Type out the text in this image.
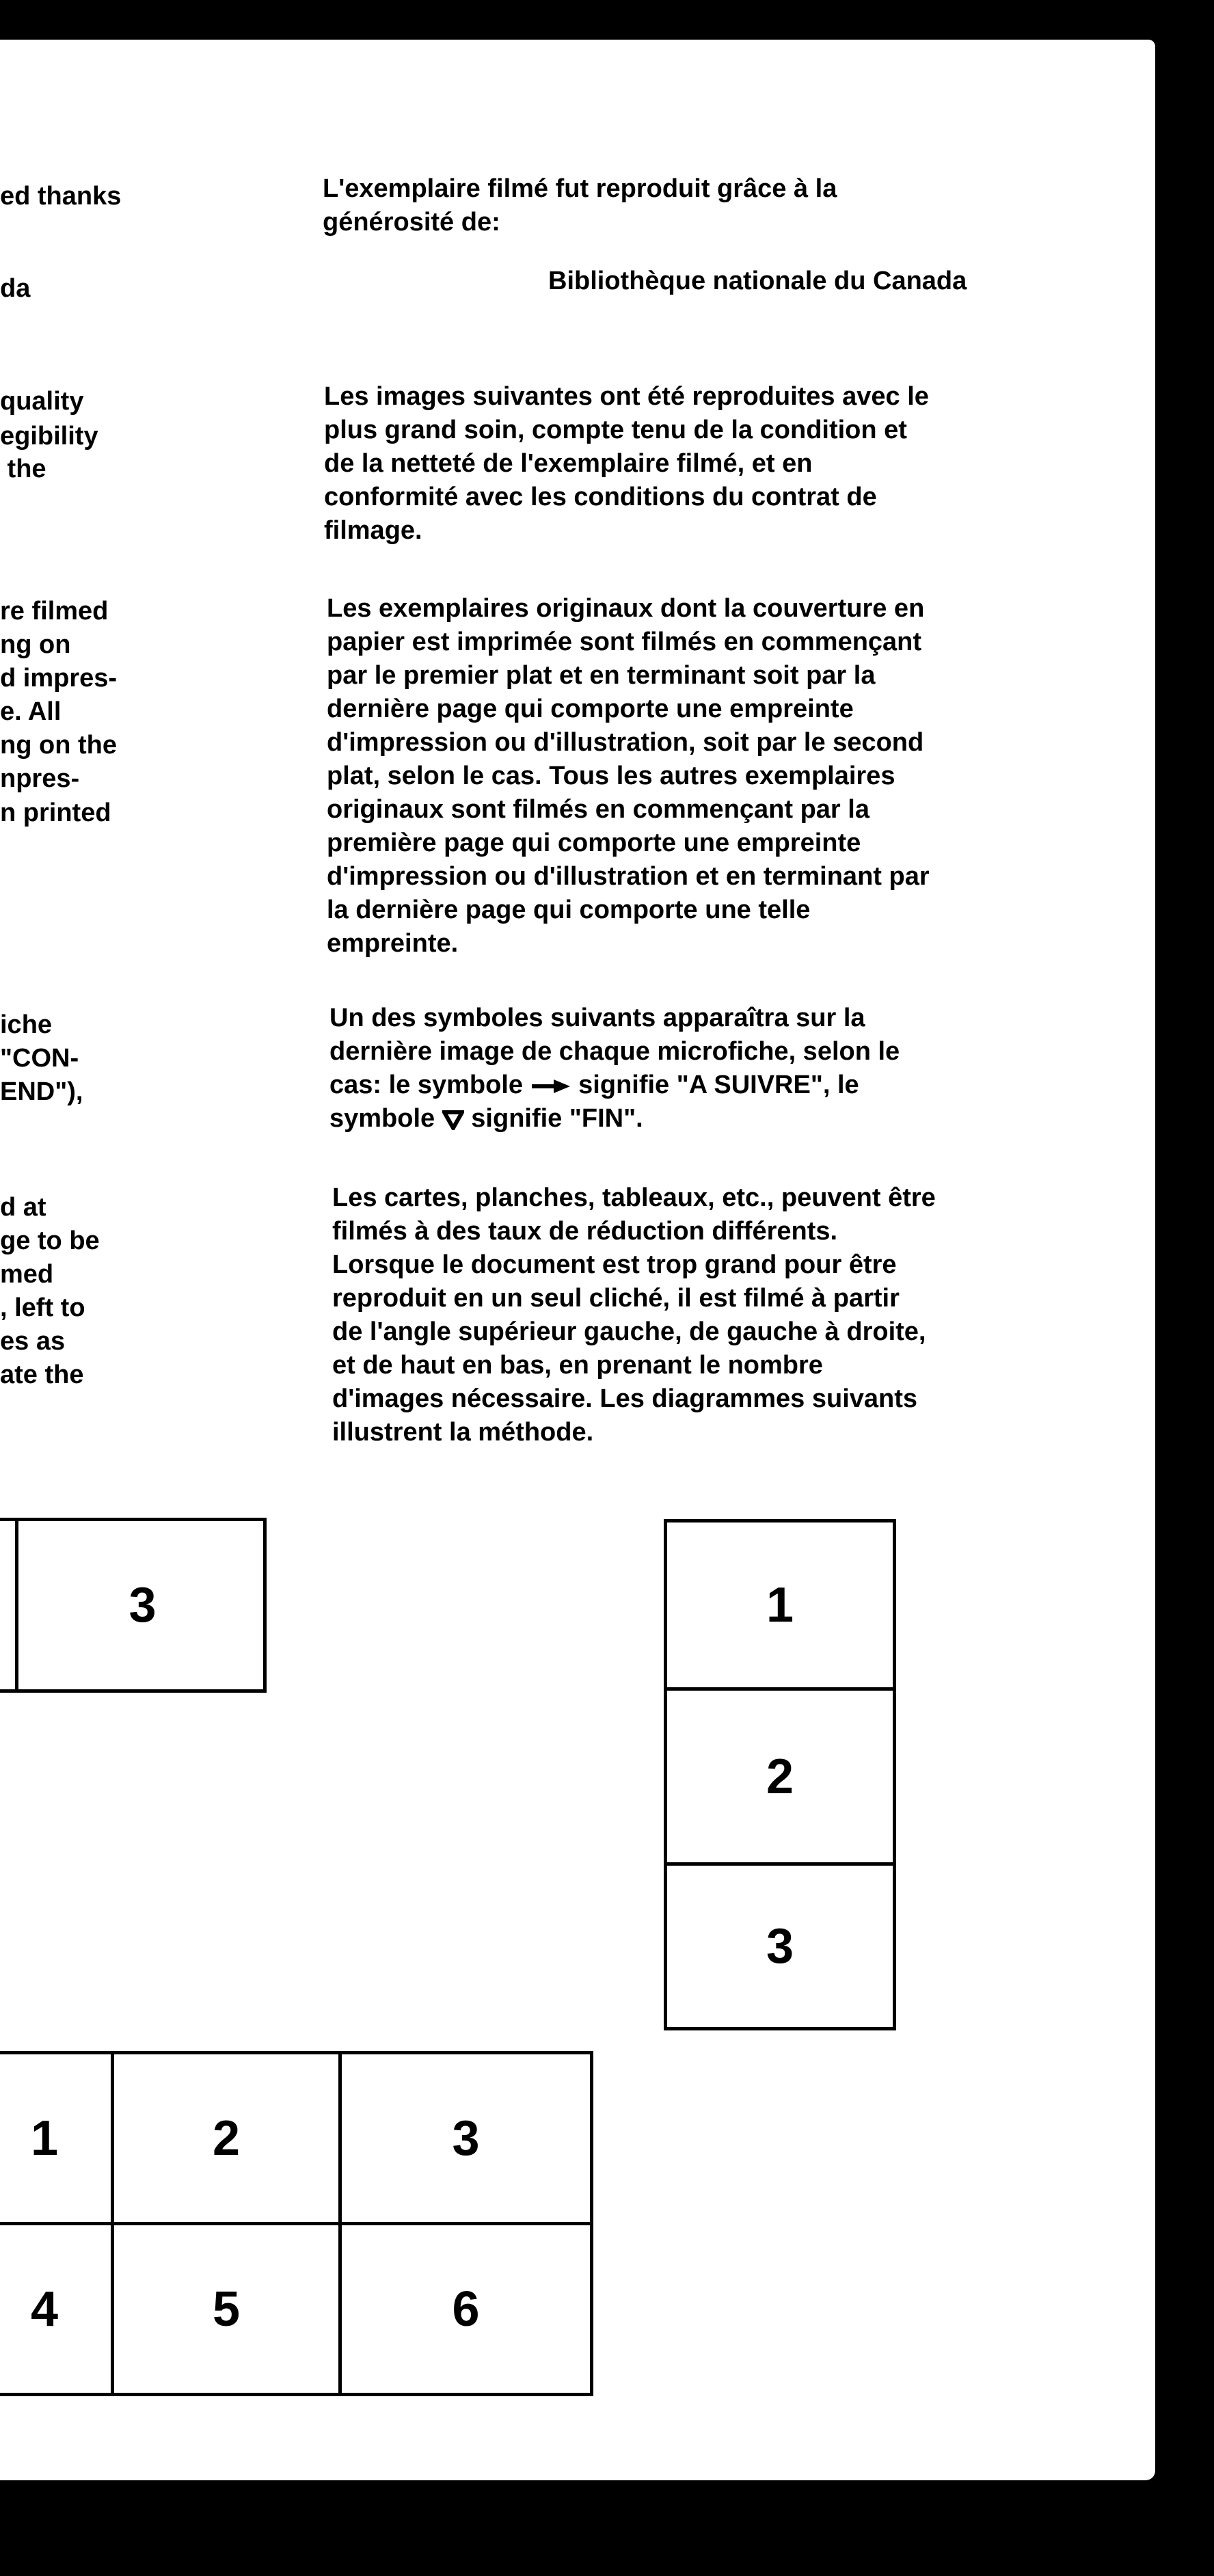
ed thanks
da
quality
egibility
the
re filmed
ng on
d impres-
e. All
ng on the
npres-
n printed
iche
"CON-
END"),
d at
ge to be
med
, left to
es as
ate the
L'exemplaire filmé fut reproduit grâce à la
générosité de:
Bibliothèque nationale du Canada
Les images suivantes ont été reproduites avec le
plus grand soin, compte tenu de la condition et
de la netteté de l'exemplaire filmé, et en
conformité avec les conditions du contrat de
filmage.
Les exemplaires originaux dont la couverture en
papier est imprimée sont filmés en commençant
par le premier plat et en terminant soit par la
dernière page qui comporte une empreinte
d'impression ou d'illustration, soit par le second
plat, selon le cas. Tous les autres exemplaires
originaux sont filmés en commençant par la
première page qui comporte une empreinte
d'impression ou d'illustration et en terminant par
la dernière page qui comporte une telle
empreinte.
Un des symboles suivants apparaîtra sur la
dernière image de chaque microfiche, selon le
cas: le symbole signifie "A SUIVRE", le
symbole signifie "FIN".
Les cartes, planches, tableaux, etc., peuvent être
filmés à des taux de réduction différents.
Lorsque le document est trop grand pour être
reproduit en un seul cliché, il est filmé à partir
de l'angle supérieur gauche, de gauche à droite,
et de haut en bas, en prenant le nombre
d'images nécessaire. Les diagrammes suivants
illustrent la méthode.
3	1
2
3
1	2	3
4	5	6
